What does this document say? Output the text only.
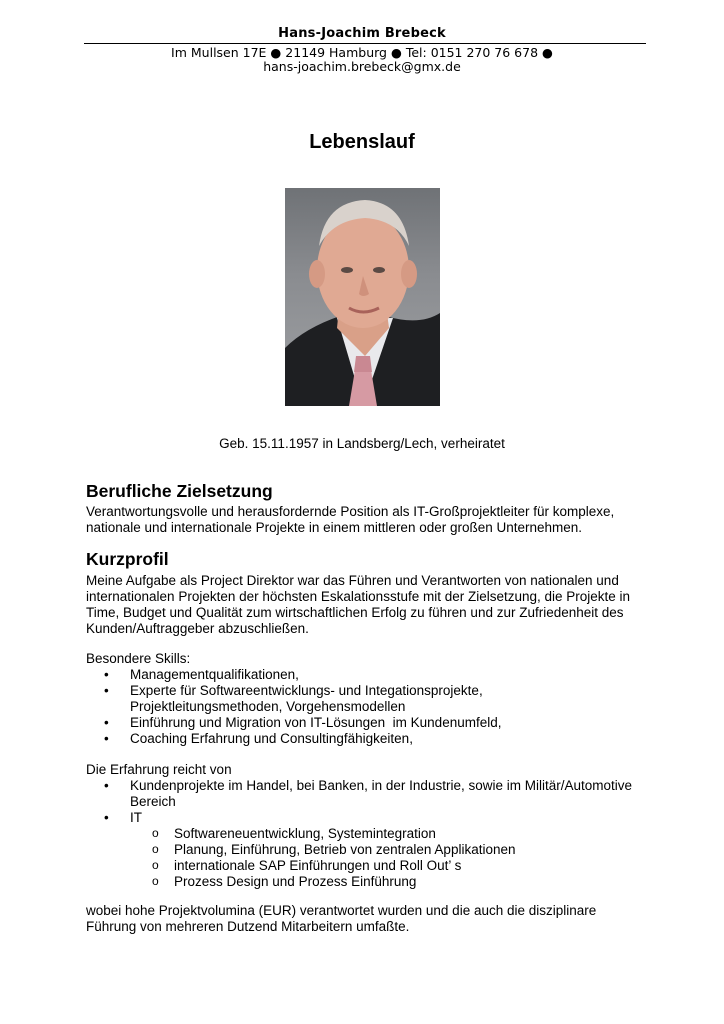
Hans-Joachim Brebeck
Im Mullsen 17E ● 21149 Hamburg ● Tel: 0151 270 76 678 ●
hans-joachim.brebeck@gmx.de
Lebenslauf
Geb. 15.11.1957 in Landsberg/Lech, verheiratet
Berufliche Zielsetzung
Verantwortungsvolle und herausfordernde Position als IT-Großprojektleiter für komplexe,
nationale und internationale Projekte in einem mittleren oder großen Unternehmen.
Kurzprofil
Meine Aufgabe als Project Direktor war das Führen und Verantworten von nationalen und
internationalen Projekten der höchsten Eskalationsstufe mit der Zielsetzung, die Projekte in
Time, Budget und Qualität zum wirtschaftlichen Erfolg zu führen und zur Zufriedenheit des
Kunden/Auftraggeber abzuschließen.
Besondere Skills:
• Managementqualifikationen,
• Experte für Softwareentwicklungs- und Integationsprojekte,
Projektleitungsmethoden, Vorgehensmodellen
• Einführung und Migration von IT-Lösungen  im Kundenumfeld,
• Coaching Erfahrung und Consultingfähigkeiten,
Die Erfahrung reicht von
• Kundenprojekte im Handel, bei Banken, in der Industrie, sowie im Militär/Automotive
Bereich
• IT
o Softwareneuentwicklung, Systemintegration
o Planung, Einführung, Betrieb von zentralen Applikationen
o internationale SAP Einführungen und Roll Out’ s
o Prozess Design und Prozess Einführung
wobei hohe Projektvolumina (EUR) verantwortet wurden und die auch die disziplinare
Führung von mehreren Dutzend Mitarbeitern umfaßte.
